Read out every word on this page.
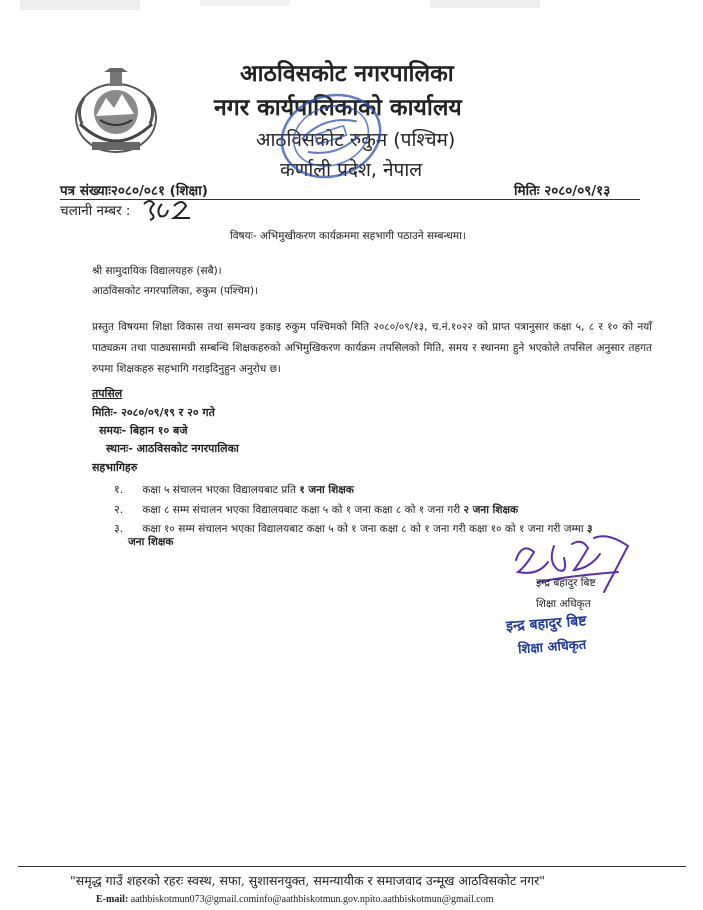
आठविसकोट नगरपालिका
नगर कार्यपालिकाको कार्यालय
आठविसकोट रुकुम (पश्चिम)
कर्णाली प्रदेश, नेपाल
पत्र संख्याः२०८०/०८१ (शिक्षा)	मितिः २०८०/०९/१३
चलानी नम्बर :
विषयः- अभिमुखीकरण कार्यक्रममा सहभागी पठाउने सम्बन्धमा।
श्री सामुदायिक विद्यालयहरु (सबै)।
आठविसकोट नगरपालिका, रुकुम (पश्चिम)।
प्रस्तुत विषयमा शिक्षा विकास तथा समन्वय इकाइ रुकुम पश्चिमको मिति २०८०/०९/१३, च.नं.१०२२ को प्राप्त पत्रानुसार कक्षा ५, ८ र १० को नयाँ पाठ्यक्रम तथा पाठ्यसामग्री सम्बन्धि शिक्षकहरुको अभिमुखिकरण कार्यक्रम तपसिलको मिति, समय र स्थानमा हुने भएकोले तपसिल अनुसार तहगत रुपमा शिक्षकहरु सहभागि गराइदिनुहुन अनुरोध छ।
तपसिल
मितिः- २०८०/०९/१९ र २० गते
समयः- बिहान १० बजे
स्थानः- आठविसकोट नगरपालिका
सहभागिहरु
१. कक्षा ५ संचालन भएका विद्यालयबाट प्रति १ जना शिक्षक
२. कक्षा ८ सम्म संचालन भएका विद्यालयबाट कक्षा ५ को १ जना कक्षा ८ को १ जना गरी २ जना शिक्षक
३. कक्षा १० सम्म संचालन भएका विद्यालयबाट कक्षा ५ को १ जना कक्षा ८ को १ जना गरी कक्षा १० को १ जना गरी जम्मा ३
जना शिक्षक
इन्द्र बहादुर बिष्ट
शिक्षा अधिकृत
इन्द्र बहादुर बिष्ट
शिक्षा अधिकृत
"समृद्ध गाउँ शहरको रहरः स्वस्थ, सफा, सुशासनयुक्त, समन्यायीक र समाजवाद उन्मूख आठविसकोट नगर"
E-mail: aathbiskotmun073@gmail.cominfo@aathbiskotmun.gov.npito.aathbiskotmun@gmail.com
